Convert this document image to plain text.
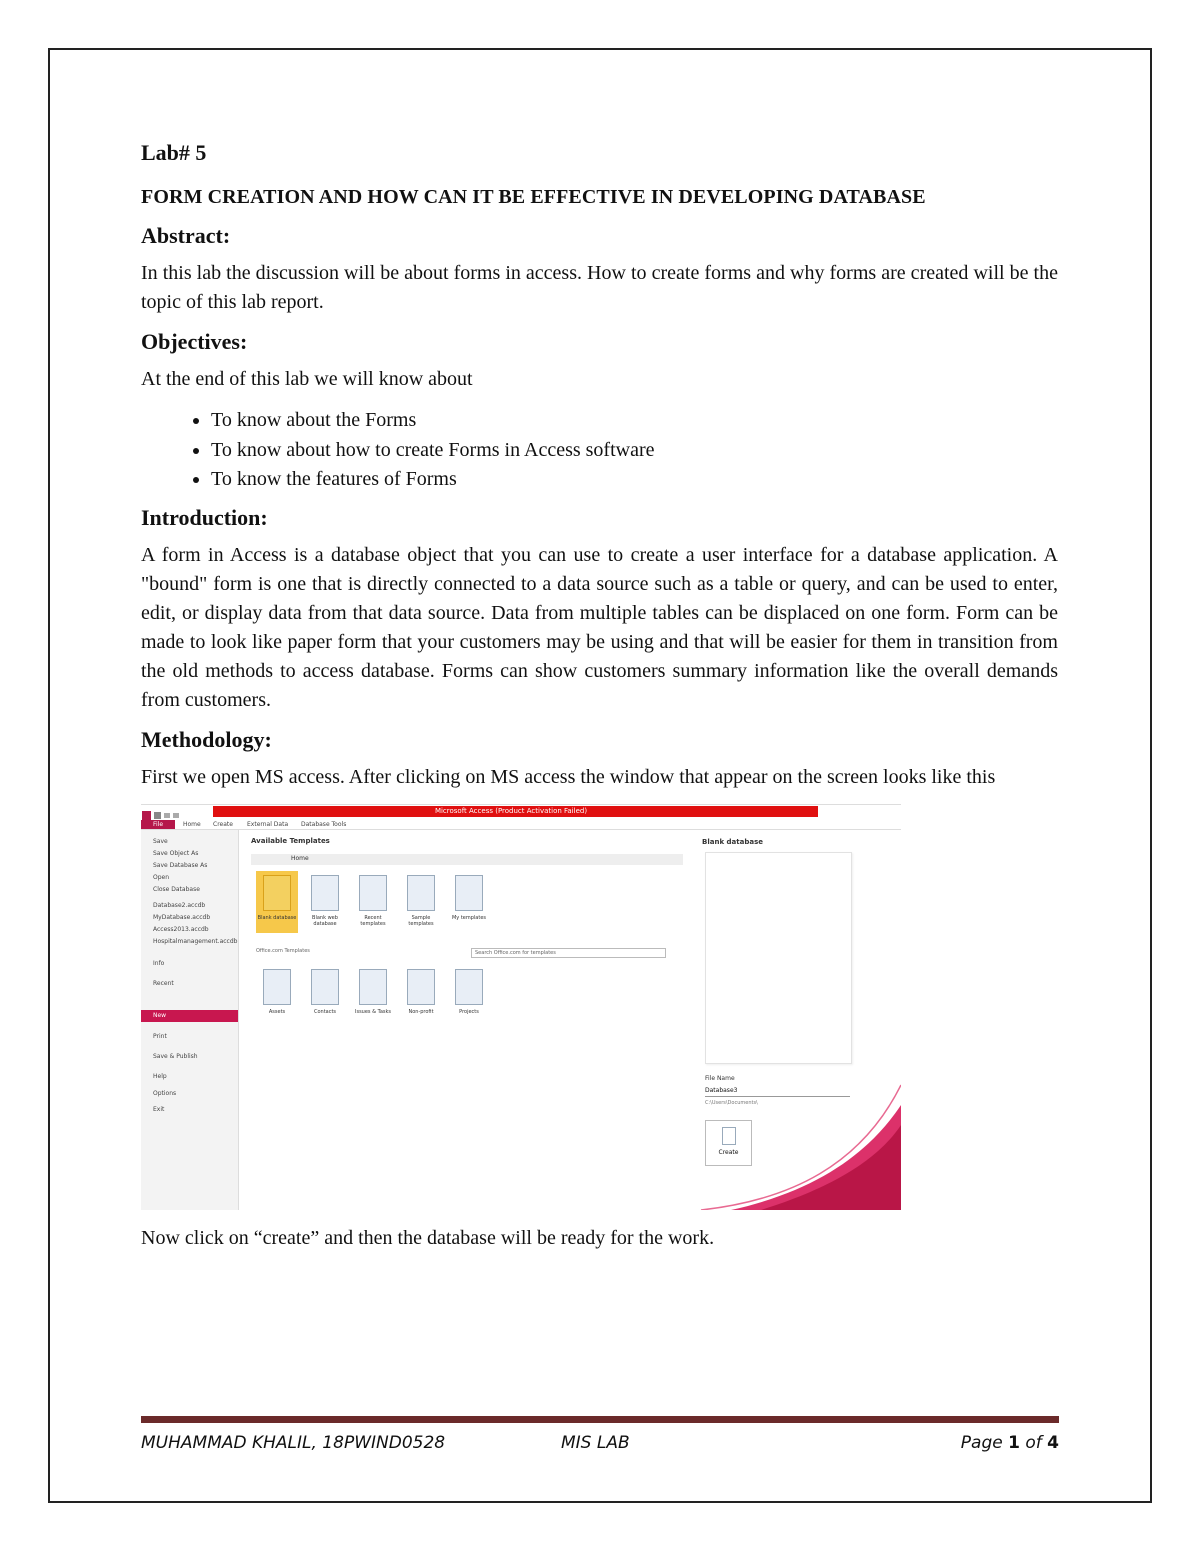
Lab# 5
FORM CREATION AND HOW CAN IT BE EFFECTIVE IN DEVELOPING DATABASE
Abstract:

In this lab the discussion will be about forms in access. How to create forms and why forms are created will be the topic of this lab report.

Objectives:

At the end of this lab we will know about

• To know about the Forms
• To know about how to create Forms in Access software
• To know the features of Forms
Introduction:

A form in Access is a database object that you can use to create a user interface for a database application. A "bound" form is one that is directly connected to a data source such as a table or query, and can be used to enter, edit, or display data from that data source. Data from multiple tables can be displaced on one form. Form can be made to look like paper form that your customers may be using and that will be easier for them in transition from the old methods to access database. Forms can show customers summary information like the overall demands from customers.

Methodology:

First we open MS access. After clicking on MS access the window that appear on the screen looks like this

Microsoft Access (Product Activation Failed)
File	Home Create External Data Database Tools
Save
Save Object As
Save Database As
Open
Close Database
Database2.accdb
MyDatabase.accdb
Access2013.accdb
Hospitalmanagement.accdb
Info
Recent
New
Print
Save & Publish
Help
Options
Exit
Available Templates
Home
Blank database	Blank web database
Recent templates
Sample templates
My templates
Office.com Templates	Search Office.com for templates
Assets	Contacts	Issues & Tasks	Non-profit	Projects
Blank database
File Name
Database3
C:\Users\Documents\
Create

Now click on “create” and then the database will be ready for the work.

MUHAMMAD KHALIL, 18PWIND0528	MIS LAB	Page 1 of 4
